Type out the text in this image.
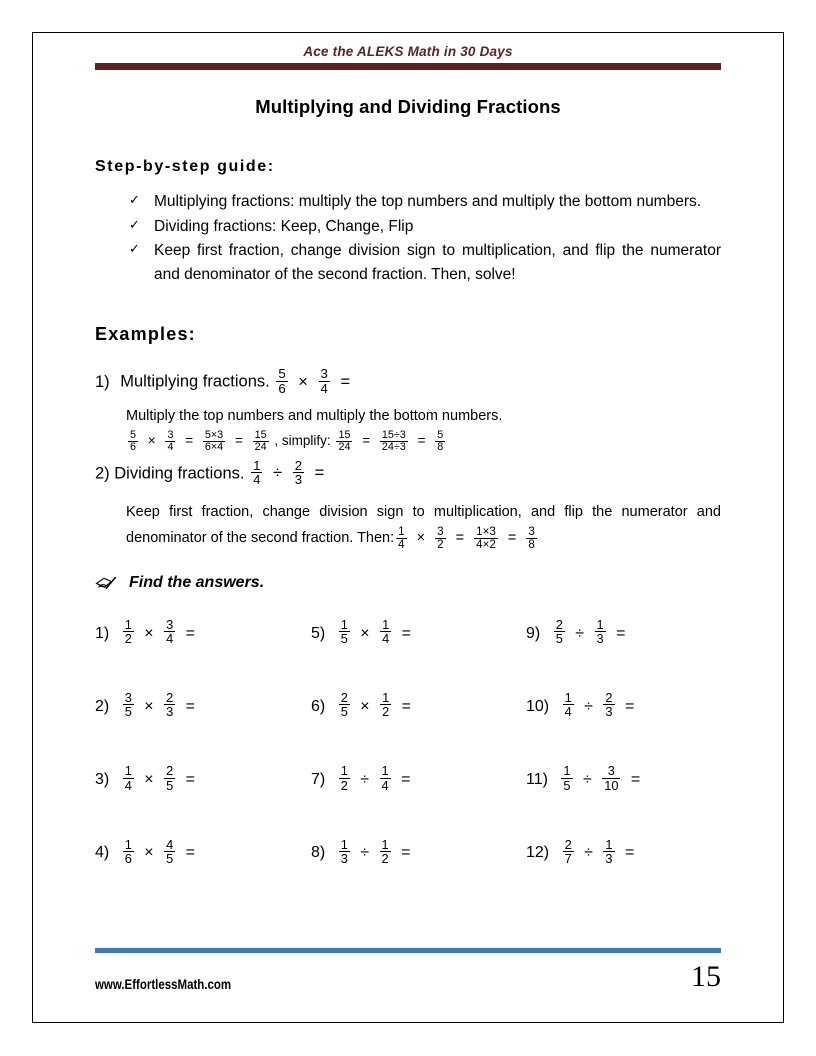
Ace the ALEKS Math in 30 Days
Multiplying and Dividing Fractions
Step-by-step guide:
✓ Multiplying fractions: multiply the top numbers and multiply the bottom numbers.
✓ Dividing fractions: Keep, Change, Flip
✓ Keep first fraction, change division sign to multiplication, and flip the numerator and denominator of the second fraction. Then, solve!
Examples:
1) Multiplying fractions. $\frac{5}{6} \times \frac{3}{4}$ =
Multiply the top numbers and multiply the bottom numbers.
$\frac{5}{6} \times \frac{3}{4} = \frac{5\times 3}{6\times 4} = \frac{15}{24}$ , simplify: $\frac{15}{24} = \frac{15\div 3}{24\div 3} = \frac{5}{8}$
2) Dividing fractions. $\frac{1}{4} \div \frac{2}{3}$ =
Keep first fraction, change division sign to multiplication, and flip the numerator and denominator of the second fraction. Then: $\frac{1}{4} \times \frac{3}{2} = \frac{1\times 3}{4\times 2} = \frac{3}{8}$
Find the answers.
$1) \frac{1}{2} \times \frac{3}{4}$ =	$5) \frac{1}{5} \times \frac{1}{4}$ =	$9) \frac{2}{5} \div \frac{1}{3}$ =
$2) \frac{3}{5} \times \frac{2}{3}$ =	$6) \frac{2}{5} \times \frac{1}{2}$ =	$10) \frac{1}{4} \div \frac{2}{3}$ =
$3) \frac{1}{4} \times \frac{2}{5}$ =	$7) \frac{1}{2} \div \frac{1}{4}$ =	$11) \frac{1}{5} \div \frac{3}{10}$ =
$4) \frac{1}{6} \times \frac{4}{5}$ =	$8) \frac{1}{3} \div \frac{1}{2}$ =	$12) \frac{2}{7} \div \frac{1}{3}$ =
www.EffortlessMath.com	15
